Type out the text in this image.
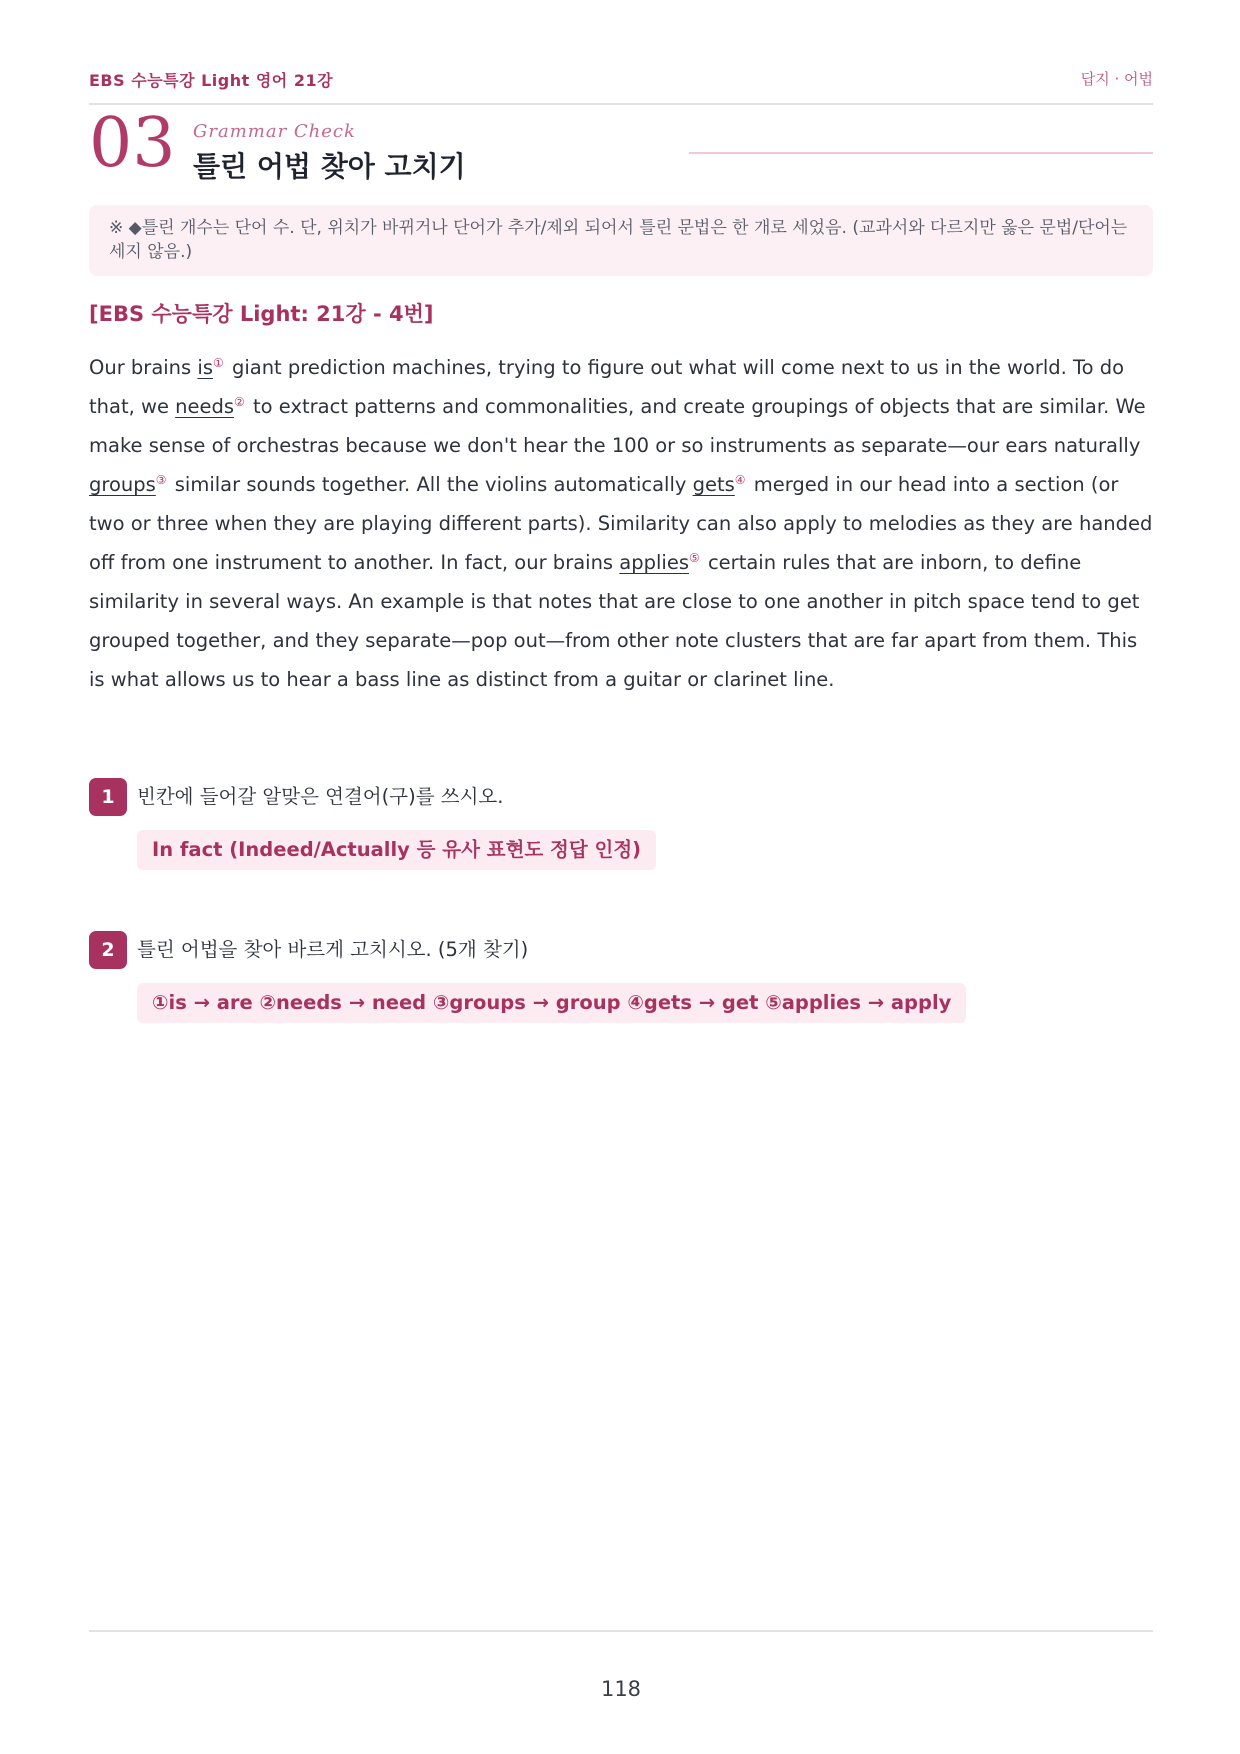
EBS 수능특강 Light 영어 21강	답지 · 어법
03 Grammar Check
틀린 어법 찾아 고치기
※ ◆틀린 개수는 단어 수. 단, 위치가 바뀌거나 단어가 추가/제외 되어서 틀린 문법은 한 개로 세었음. (교과서와 다르지만 옳은 문법/단어는 세지 않음.)
[EBS 수능특강 Light: 21강 - 4번]
Our brains is① giant prediction machines, trying to figure out what will come next to us in the world. To do that, we needs② to extract patterns and commonalities, and create groupings of objects that are similar. We make sense of orchestras because we don't hear the 100 or so instruments as separate—our ears naturally groups③ similar sounds together. All the violins automatically gets④ merged in our head into a section (or two or three when they are playing different parts). Similarity can also apply to melodies as they are handed off from one instrument to another. In fact, our brains applies⑤ certain rules that are inborn, to define similarity in several ways. An example is that notes that are close to one another in pitch space tend to get grouped together, and they separate—pop out—from other note clusters that are far apart from them. This is what allows us to hear a bass line as distinct from a guitar or clarinet line.
1	빈칸에 들어갈 알맞은 연결어(구)를 쓰시오.
In fact (Indeed/Actually 등 유사 표현도 정답 인정)
2	틀린 어법을 찾아 바르게 고치시오. (5개 찾기)
①is → are ②needs → need ③groups → group ④gets → get ⑤applies → apply
118
